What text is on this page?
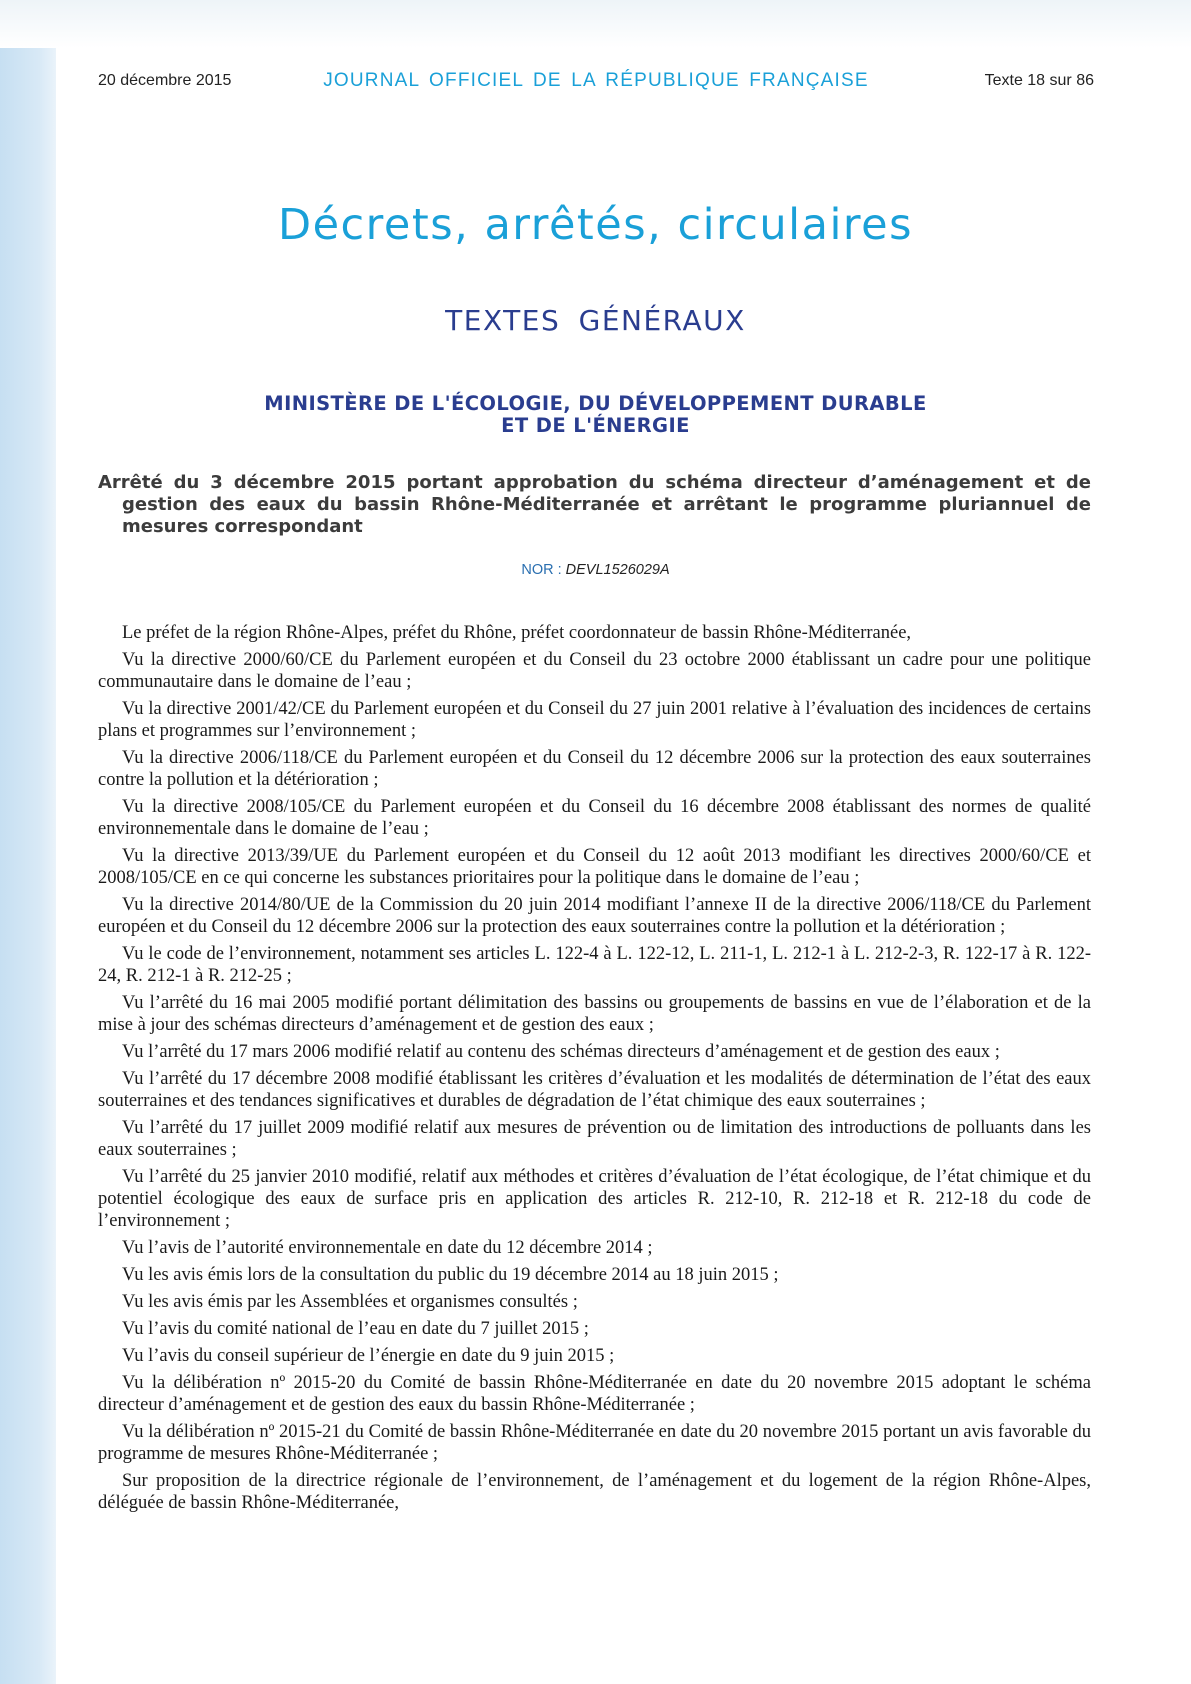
20 décembre 2015	JOURNAL OFFICIEL DE LA RÉPUBLIQUE FRANÇAISE	Texte 18 sur 86
Décrets, arrêtés, circulaires
TEXTES GÉNÉRAUX
MINISTÈRE DE L'ÉCOLOGIE, DU DÉVELOPPEMENT DURABLE
ET DE L'ÉNERGIE
Arrêté du 3 décembre 2015 portant approbation du schéma directeur d’aménagement et de gestion des eaux du bassin Rhône-Méditerranée et arrêtant le programme pluriannuel de mesures correspondant
NOR : DEVL1526029A

Le préfet de la région Rhône-Alpes, préfet du Rhône, préfet coordonnateur de bassin Rhône-Méditerranée,

Vu la directive 2000/60/CE du Parlement européen et du Conseil du 23 octobre 2000 établissant un cadre pour une politique communautaire dans le domaine de l’eau ;

Vu la directive 2001/42/CE du Parlement européen et du Conseil du 27 juin 2001 relative à l’évaluation des incidences de certains plans et programmes sur l’environnement ;

Vu la directive 2006/118/CE du Parlement européen et du Conseil du 12 décembre 2006 sur la protection des eaux souterraines contre la pollution et la détérioration ;

Vu la directive 2008/105/CE du Parlement européen et du Conseil du 16 décembre 2008 établissant des normes de qualité environnementale dans le domaine de l’eau ;

Vu la directive 2013/39/UE du Parlement européen et du Conseil du 12 août 2013 modifiant les directives 2000/60/CE et 2008/105/CE en ce qui concerne les substances prioritaires pour la politique dans le domaine de l’eau ;

Vu la directive 2014/80/UE de la Commission du 20 juin 2014 modifiant l’annexe II de la directive 2006/118/CE du Parlement européen et du Conseil du 12 décembre 2006 sur la protection des eaux souterraines contre la pollution et la détérioration ;

Vu le code de l’environnement, notamment ses articles L. 122-4 à L. 122-12, L. 211-1, L. 212-1 à L. 212-2-3, R. 122-17 à R. 122-24, R. 212-1 à R. 212-25 ;

Vu l’arrêté du 16 mai 2005 modifié portant délimitation des bassins ou groupements de bassins en vue de l’élaboration et de la mise à jour des schémas directeurs d’aménagement et de gestion des eaux ;

Vu l’arrêté du 17 mars 2006 modifié relatif au contenu des schémas directeurs d’aménagement et de gestion des eaux ;

Vu l’arrêté du 17 décembre 2008 modifié établissant les critères d’évaluation et les modalités de détermination de l’état des eaux souterraines et des tendances significatives et durables de dégradation de l’état chimique des eaux souterraines ;

Vu l’arrêté du 17 juillet 2009 modifié relatif aux mesures de prévention ou de limitation des introductions de polluants dans les eaux souterraines ;

Vu l’arrêté du 25 janvier 2010 modifié, relatif aux méthodes et critères d’évaluation de l’état écologique, de l’état chimique et du potentiel écologique des eaux de surface pris en application des articles R. 212-10, R. 212-18 et R. 212-18 du code de l’environnement ;

Vu l’avis de l’autorité environnementale en date du 12 décembre 2014 ;

Vu les avis émis lors de la consultation du public du 19 décembre 2014 au 18 juin 2015 ;

Vu les avis émis par les Assemblées et organismes consultés ;

Vu l’avis du comité national de l’eau en date du 7 juillet 2015 ;

Vu l’avis du conseil supérieur de l’énergie en date du 9 juin 2015 ;

Vu la délibération nº 2015-20 du Comité de bassin Rhône-Méditerranée en date du 20 novembre 2015 adoptant le schéma directeur d’aménagement et de gestion des eaux du bassin Rhône-Méditerranée ;

Vu la délibération nº 2015-21 du Comité de bassin Rhône-Méditerranée en date du 20 novembre 2015 portant un avis favorable du programme de mesures Rhône-Méditerranée ;

Sur proposition de la directrice régionale de l’environnement, de l’aménagement et du logement de la région Rhône-Alpes, déléguée de bassin Rhône-Méditerranée,
